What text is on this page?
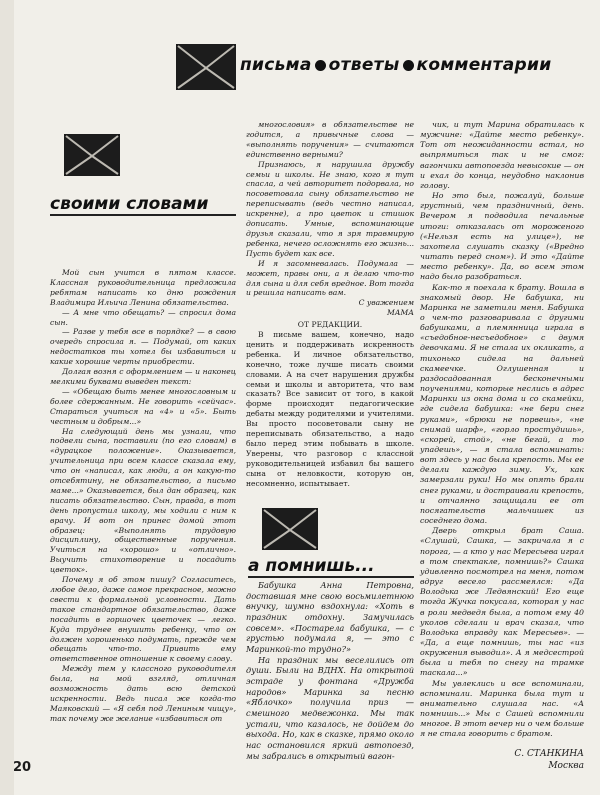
письма ответы комментарии
своими словами

Мой сын учится в пятом классе. Классная руководительница предложила ребятам написать ко дню рождения Владимира Ильича Ленина обязательства.

— А мне что обещать? — спросил дома сын.

— Разве у тебя все в порядке? — в свою очередь спросила я. — Подумай, от каких недостатков ты хотел бы избавиться и какие хорошие черты приобрести.

Долгая возня с оформлением — и наконец мелкими буквами выведен текст:

— «Обещаю быть менее многословным и более сдержанным. Не говорить «сейчас». Стараться учиться на «4» и «5». Быть честным и добрым...»

На следующий день мы узнали, что подвели сына, поставили (по его словам) в «дурацкое положение». Оказывается, учительница при всем классе сказала ему, что он «написал, как люди, а он какую-то отсебятину, не обязательство, а письмо маме...» Оказывается, был дан образец, как писать обязательство. Сын, правда, в тот день пропустил школу, мы ходили с ним к врачу. И вот он принес домой этот образец: «Выполнять трудовую дисциплину, общественные поручения. Учиться на «хорошо» и «отлично». Выучить стихотворение и посадить цветок».

Почему я об этом пишу? Согласитесь, любое дело, даже самое прекрасное, можно свести к формальной условности. Дать такое стандартное обязательство, даже посадить в горшочек цветочек — легко. Куда труднее внушить ребенку, что он должен хорошенько подумать, прежде чем обещать что-то. Привить ему ответственное отношение к своему слову.

Между тем у классного руководителя была, на мой взгляд, отличная возможность дать всю детской искренности. Ведь писал же когда-то Маяковский — «Я себя под Лениным чищу», так почему же желание «избавиться от

многословия» в обязательстве не годится, а привычные слова — «выполнять поручения» — считаются единственно верными?

Признаюсь, я нарушила дружбу семьи и школы. Не знаю, кого я тут спасла, а чей авторитет подорвала, но посоветовала сыну обязательство не переписывать (ведь честно написал, искренне), а про цветок и стишок дописать. Умные, вспоминающие друзья сказали, что я зря травмирую ребенка, нечего осложнять его жизнь... Пусть будет как все.

И я засомневалась. Подумала — может, правы они, а я делаю что-то для сына и для себя вредное. Вот тогда и решила написать вам.

С уважением
МАМА
ОТ РЕДАКЦИИ.

В письме вашем, конечно, надо ценить и поддерживать искренность ребенка. И личное обязательство, конечно, тоже лучше писать своими словами. А на счет нарушения дружбы семьи и школы и авторитета, что вам сказать? Все зависит от того, в какой форме происходят педагогические дебаты между родителями и учителями. Вы просто посоветовали сыну не переписывать обязательство, а надо было перед этим побывать в школе. Уверены, что разговор с классной руководительницей избавил бы вашего сына от неловкости, которую он, несомненно, испытывает.

а помнишь...

Бабушка Анна Петровна, доставшая мне свою восьмилетнюю внучку, шумно вздохнула: «Хоть в праздник отдохну. Замучилась совсем». «Постарела бабушка, — с грустью подумала я, — это с Маринкой-то трудно?»

На праздник мы веселились от души. Были на ВДНХ. На открытой эстраде у фонтана «Дружба народов» Маринка за песню «Яблочко» получила приз — смешного медвежонка. Мы так устали, что казалось, не дойдем до выхода. Но, как в сказке, прямо около нас остановился яркий автопоезд, мы забрались в открытый вагон-

чик, и тут Марина обратилась к мужчине: «Дайте место ребенку». Тот от неожиданности встал, но выпрямиться так и не смог: вагончики автопоезда невысокие — он и ехал до конца, неудобно наклонив голову.

Но это был, пожалуй, больше грустный, чем праздничный, день. Вечером я подводила печальные итоги: отказалась от мороженого («Нельзя есть на улице»), не захотела слушать сказку («Вредно читать перед сном»). И это «Дайте место ребенку». Да, во всем этом надо было разобраться.

Как-то я поехала к брату. Вошла в знакомый двор. Не бабушка, ни Маринка не заметили меня. Бабушка о чем-то разговаривала с другими бабушками, а племянница играла в «съедобное-несъедобное» с двумя девочками. Я не стала их окликать, а тихонько сидела на дальней скамеечке. Оглушенная и раздосадованная бесконечными поучениями, которые неслись в адрес Маринки из окна дома и со скамейки, где сидела бабушка: «не бери снег руками», «брюки не порвешь», «не снимай шарф», «горло простудишь», «скорей, стой», «не бегай, а то упадешь», — я стала вспоминать: вот здесь у нас была крепость. Мы ее делали каждую зиму. Ух, как замерзали руки! Но мы опять брали снег руками, и достраивали крепость, и отчаянно защищали ее от посягательств мальчишек из соседнего дома.

Дверь открыл брат Саша. «Слушай, Сашка, — закричала я с порога, — а кто у нас Мересьева играл в том спектакле, помнишь?» Сашка удивленно посмотрел на меня, потом вдруг весело рассмеялся: «Да Володька же Ледвянский! Его еще тогда Жучка покусала, которая у нас в роли медведя была, а потом ему 40 уколов сделали и врач сказал, что Володька вправду как Мересьев». — «Да, а еще помнишь, ты нас «из окружения выводил». А я медсестрой была и тебя по снегу на трамке таскала...»

Мы увлеклись и все вспоминали, вспоминали. Маринка была тут и внимательно слушала нас. «А помнишь...» Мы с Сашей вспомнили многое. В этот вечер ни о чем больше я не стала говорить с братом.

С. СТАНКИНА
Москва
20
